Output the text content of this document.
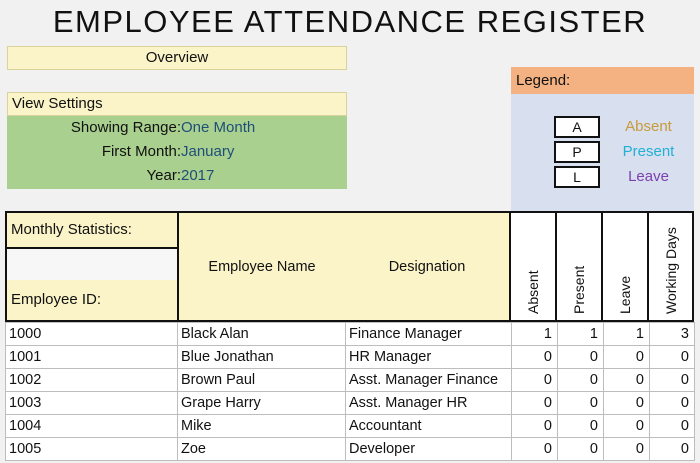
EMPLOYEE ATTENDANCE REGISTER
Overview
Legend:
A	Absent
P	Present
L	Leave
View Settings
Showing Range: One Month
First Month: January
Year: 2017
Monthly Statistics:
Employee ID:
Employee Name	Designation
Absent Present Leave Working Days
1000	Black Alan	Finance Manager	1	1	1	3
1001	Blue Jonathan	HR Manager	0	0	0	0
1002	Brown Paul	Asst. Manager Finance	0	0	0	0
1003	Grape Harry	Asst. Manager HR	0	0	0	0
1004	Mike	Accountant	0	0	0	0
1005	Zoe	Developer	0	0	0	0
